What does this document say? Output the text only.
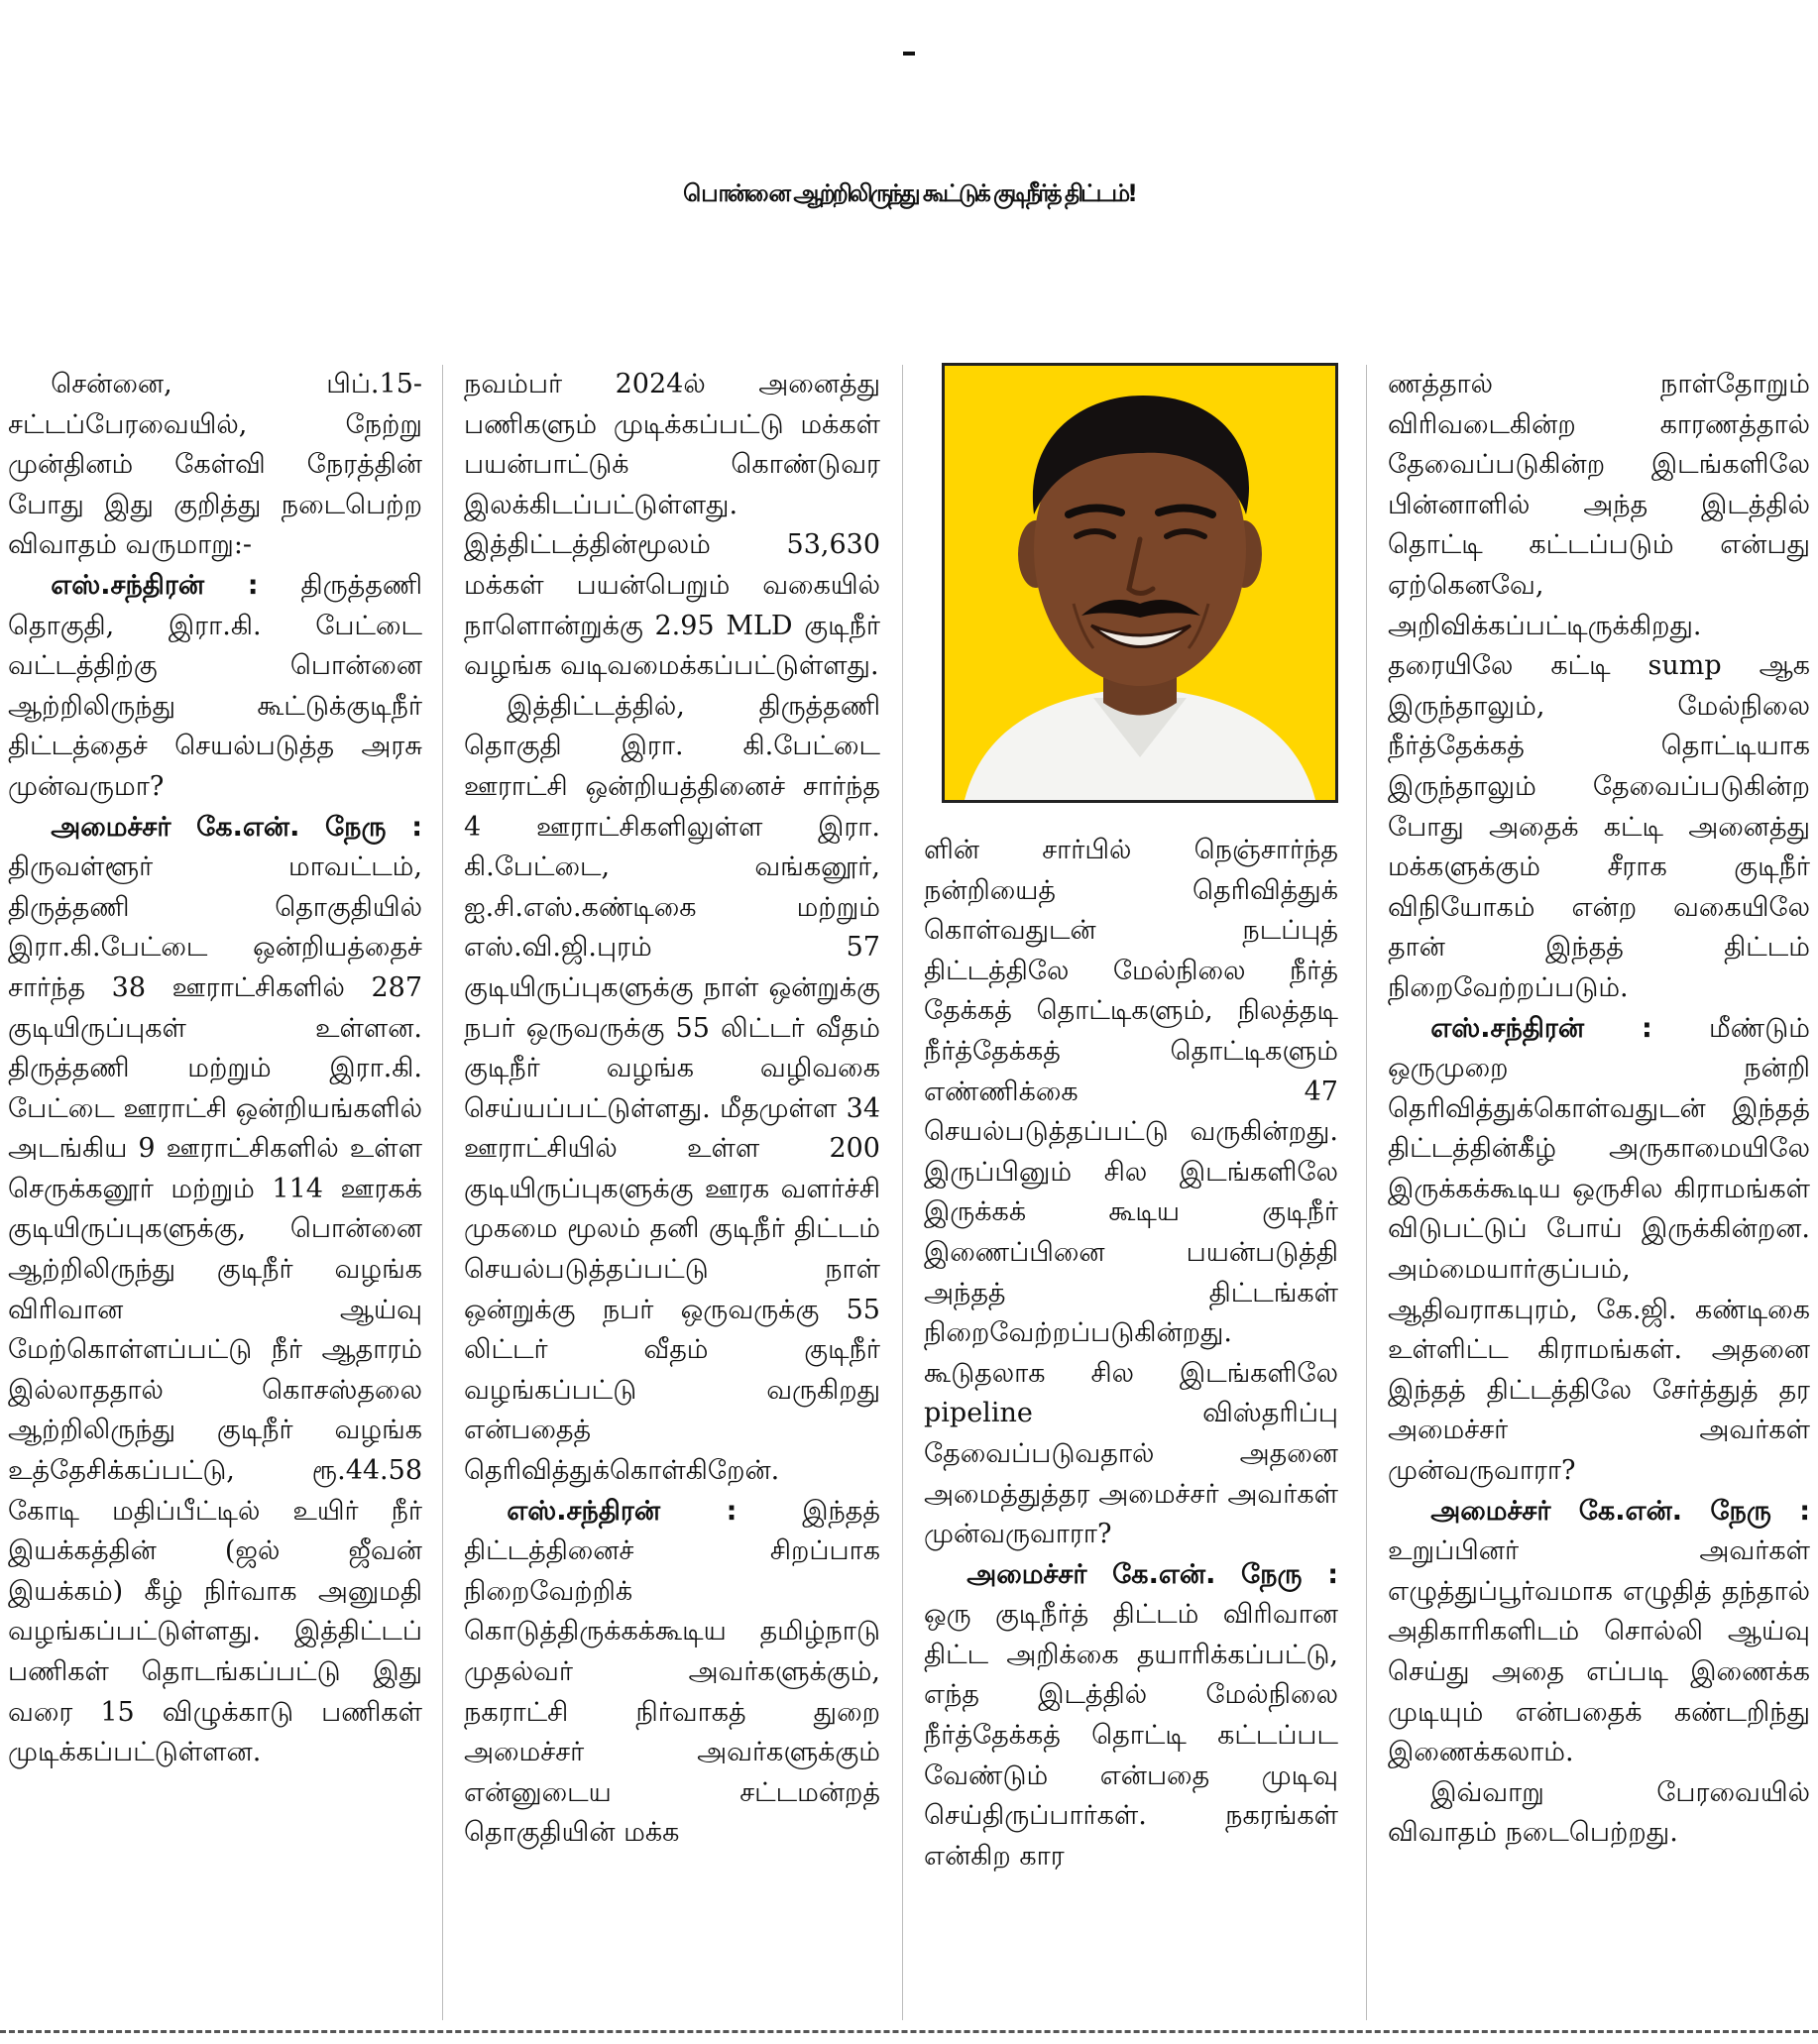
பொன்னை ஆற்றிலிருந்து கூட்டுக் குடிநீர்த் திட்டம்!

சென்னை, பிப்.15- சட்டப்பேரவையில், நேற்று முன்தினம் கேள்வி நேரத்தின் போது இது குறித்து நடைபெற்ற விவாதம் வருமாறு:-

எஸ்.சந்திரன் : திருத்தணி தொகுதி, இரா.கி. பேட்டை வட்டத்திற்கு பொன்னை ஆற்றிலிருந்து கூட்டுக்குடிநீர் திட்டத்தைச் செயல்படுத்த அரசு முன்வருமா?

அமைச்சர் கே.என். நேரு : திருவள்ளூர் மாவட்டம், திருத்தணி தொகுதியில் இரா.கி.பேட்டை ஒன்றியத்தைச் சார்ந்த 38 ஊராட்சிகளில் 287 குடியிருப்புகள் உள்ளன. திருத்தணி மற்றும் இரா.கி. பேட்டை ஊராட்சி ஒன்றியங்களில் அடங்கிய 9 ஊராட்சிகளில் உள்ள செருக்கனூர் மற்றும் 114 ஊரகக் குடியிருப்புகளுக்கு, பொன்னை ஆற்றிலிருந்து குடிநீர் வழங்க விரிவான ஆய்வு மேற்கொள்ளப்பட்டு நீர் ஆதாரம் இல்லாததால் கொசஸ்தலை ஆற்றிலிருந்து குடிநீர் வழங்க உத்தேசிக்கப்பட்டு, ரூ.44.58 கோடி மதிப்பீட்டில் உயிர் நீர் இயக்கத்தின் (ஜல் ஜீவன் இயக்கம்) கீழ் நிர்வாக அனுமதி வழங்கப்பட்டுள்ளது. இத்திட்டப் பணிகள் தொடங்கப்பட்டு இது வரை 15 விழுக்காடு பணிகள் முடிக்கப்பட்டுள்ளன.

நவம்பர் 2024ல் அனைத்து பணிகளும் முடிக்கப்பட்டு மக்கள் பயன்பாட்டுக் கொண்டுவர இலக்கிடப்பட்டுள்ளது. இத்திட்டத்தின்மூலம் 53,630 மக்கள் பயன்பெறும் வகையில் நாளொன்றுக்கு 2.95 MLD குடிநீர் வழங்க வடிவமைக்கப்பட்டுள்ளது.

இத்திட்டத்தில், திருத்தணி தொகுதி இரா. கி.பேட்டை ஊராட்சி ஒன்றியத்தினைச் சார்ந்த 4 ஊராட்சிகளிலுள்ள இரா. கி.பேட்டை, வங்கனூர், ஐ.சி.எஸ்.கண்டிகை மற்றும் எஸ்.வி.ஜி.புரம் 57 குடியிருப்புகளுக்கு நாள் ஒன்றுக்கு நபர் ஒருவருக்கு 55 லிட்டர் வீதம் குடிநீர் வழங்க வழிவகை செய்யப்பட்டுள்ளது. மீதமுள்ள 34 ஊராட்சியில் உள்ள 200 குடியிருப்புகளுக்கு ஊரக வளர்ச்சி முகமை மூலம் தனி குடிநீர் திட்டம் செயல்படுத்தப்பட்டு நாள் ஒன்றுக்கு நபர் ஒருவருக்கு 55 லிட்டர் வீதம் குடிநீர் வழங்கப்பட்டு வருகிறது என்பதைத் தெரிவித்துக்கொள்கிறேன்.

எஸ்.சந்திரன் : இந்தத் திட்டத்தினைச் சிறப்பாக நிறைவேற்றிக் கொடுத்திருக்கக்கூடிய தமிழ்நாடு முதல்வர் அவர்களுக்கும், நகராட்சி நிர்வாகத் துறை அமைச்சர் அவர்களுக்கும் என்னுடைய சட்டமன்றத் தொகுதியின் மக்க

ளின் சார்பில் நெஞ்சார்ந்த நன்றியைத் தெரிவித்துக் கொள்வதுடன் நடப்புத் திட்டத்திலே மேல்நிலை நீர்த் தேக்கத் தொட்டிகளும், நிலத்தடி நீர்த்தேக்கத் தொட்டிகளும் எண்ணிக்கை 47 செயல்படுத்தப்பட்டு வருகின்றது. இருப்பினும் சில இடங்களிலே இருக்கக் கூடிய குடிநீர் இணைப்பினை பயன்படுத்தி அந்தத் திட்டங்கள் நிறைவேற்றப்படுகின்றது. கூடுதலாக சில இடங்களிலே pipeline விஸ்தரிப்பு தேவைப்படுவதால் அதனை அமைத்துத்தர அமைச்சர் அவர்கள் முன்வருவாரா?

அமைச்சர் கே.என். நேரு : ஒரு குடிநீர்த் திட்டம் விரிவான திட்ட அறிக்கை தயாரிக்கப்பட்டு, எந்த இடத்தில் மேல்நிலை நீர்த்தேக்கத் தொட்டி கட்டப்பட வேண்டும் என்பதை முடிவு செய்திருப்பார்கள். நகரங்கள் என்கிற கார

ணத்தால் நாள்தோறும் விரிவடைகின்ற காரணத்தால் தேவைப்படுகின்ற இடங்களிலே பின்னாளில் அந்த இடத்தில் தொட்டி கட்டப்படும் என்பது ஏற்கெனவே, அறிவிக்கப்பட்டிருக்கிறது. தரையிலே கட்டி sump ஆக இருந்தாலும், மேல்நிலை நீர்த்தேக்கத் தொட்டியாக இருந்தாலும் தேவைப்படுகின்ற போது அதைக் கட்டி அனைத்து மக்களுக்கும் சீராக குடிநீர் விநியோகம் என்ற வகையிலே தான் இந்தத் திட்டம் நிறைவேற்றப்படும்.

எஸ்.சந்திரன் : மீண்டும் ஒருமுறை நன்றி தெரிவித்துக்கொள்வதுடன் இந்தத் திட்டத்தின்கீழ் அருகாமையிலே இருக்கக்கூடிய ஒருசில கிராமங்கள் விடுபட்டுப் போய் இருக்கின்றன. அம்மையார்குப்பம், ஆதிவராகபுரம், கே.ஜி. கண்டிகை உள்ளிட்ட கிராமங்கள். அதனை இந்தத் திட்டத்திலே சேர்த்துத் தர அமைச்சர் அவர்கள் முன்வருவாரா?

அமைச்சர் கே.என். நேரு : உறுப்பினர் அவர்கள் எழுத்துப்பூர்வமாக எழுதித் தந்தால் அதிகாரிகளிடம் சொல்லி ஆய்வு செய்து அதை எப்படி இணைக்க முடியும் என்பதைக் கண்டறிந்து இணைக்கலாம்.

இவ்வாறு பேரவையில் விவாதம் நடைபெற்றது.
